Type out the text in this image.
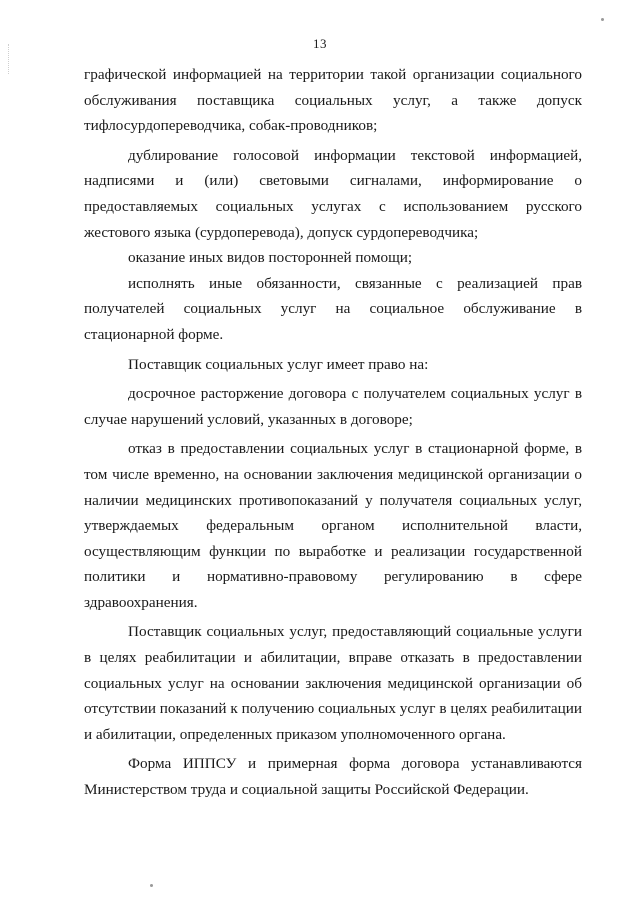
13

графической информацией на территории такой организации социального обслуживания поставщика социальных услуг, а также допуск тифлосурдопереводчика, собак-проводников;

дублирование голосовой информации текстовой информацией, надписями и (или) световыми сигналами, информирование о предоставляемых социальных услугах с использованием русского жестового языка (сурдоперевода), допуск сурдопереводчика;

оказание иных видов посторонней помощи;

исполнять иные обязанности, связанные с реализацией прав получателей социальных услуг на социальное обслуживание в стационарной форме.

Поставщик социальных услуг имеет право на:

досрочное расторжение договора с получателем социальных услуг в случае нарушений условий, указанных в договоре;

отказ в предоставлении социальных услуг в стационарной форме, в том числе временно, на основании заключения медицинской организации о наличии медицинских противопоказаний у получателя социальных услуг, утверждаемых федеральным органом исполнительной власти, осуществляющим функции по выработке и реализации государственной политики и нормативно-правовому регулированию в сфере здравоохранения.

Поставщик социальных услуг, предоставляющий социальные услуги в целях реабилитации и абилитации, вправе отказать в предоставлении социальных услуг на основании заключения медицинской организации об отсутствии показаний к получению социальных услуг в целях реабилитации и абилитации, определенных приказом уполномоченного органа.

Форма ИППСУ и примерная форма договора устанавливаются Министерством труда и социальной защиты Российской Федерации.
